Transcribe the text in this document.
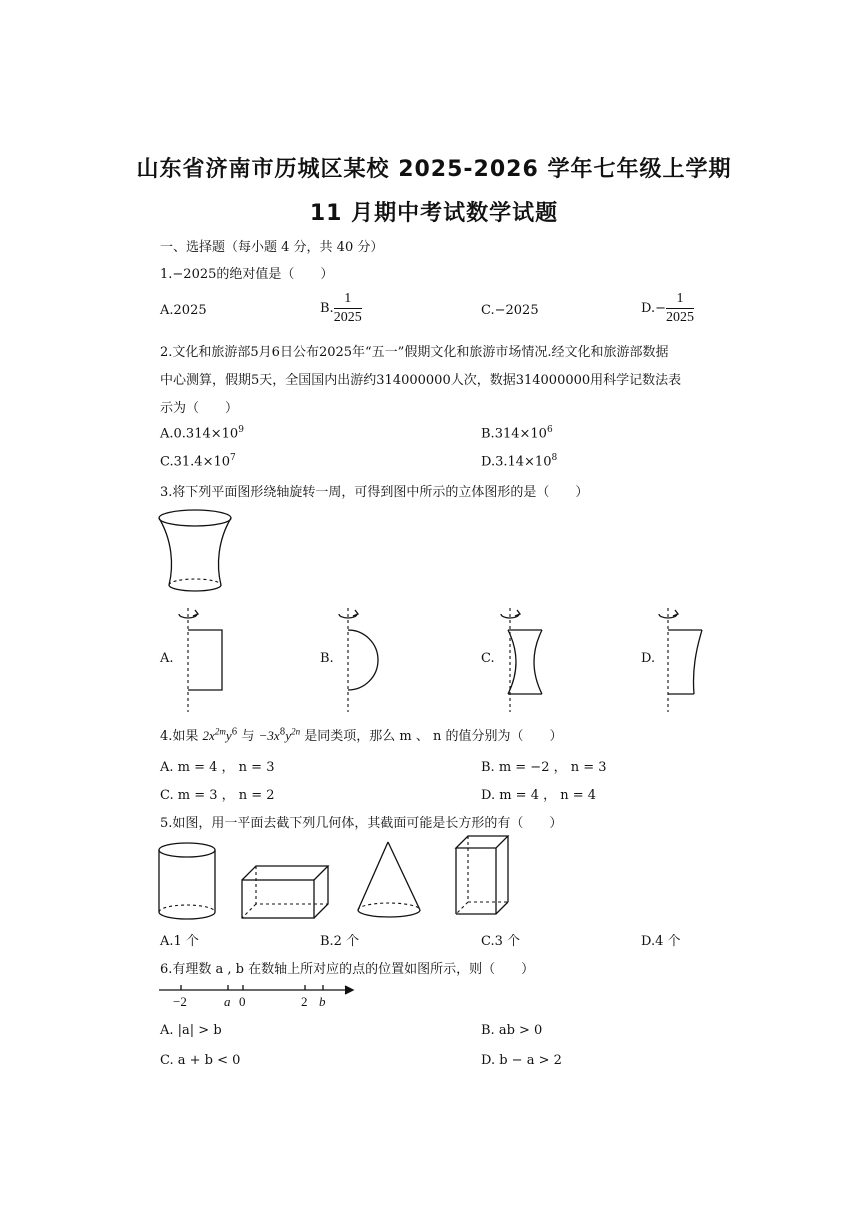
山东省济南市历城区某校 2025-2026 学年七年级上学期
11 月期中考试数学试题
一、选择题（每小题 4 分，共 40 分）
1.−2025的绝对值是（　　）
A.2025	B. $\frac{1}{2025}$	C.−2025	$D.- \frac{1}{2025}$
2.文化和旅游部5月6日公布2025年“五一”假期文化和旅游市场情况.经文化和旅游部数据
中心测算，假期5天，全国国内出游约314000000人次，数据314000000用科学记数法表
示为（　　）
$A.0.314\times 10^9$	$B.314\times 10^6$
$C.31.4\times 10^7$	$D.3.14\times 10^8$
3.将下列平面图形绕轴旋转一周，可得到图中所示的立体图形的是（　　）
A.	B.	C.	D.
4.如果 $2x^{2m}y^6$ 与 $-3x^8y^{2n}$ 是同类项，那么 m 、 n 的值分别为（　　）
A. m = 4 ， n = 3	B. m = −2 ， n = 3
C. m = 3 ， n = 2	D. m = 4 ， n = 4
5.如图，用一平面去截下列几何体，其截面可能是长方形的有（　　）
A.1 个	B.2 个	C.3 个	D.4 个
6.有理数 a , b 在数轴上所对应的点的位置如图所示，则（　　）
−2	a 0	2 b
A. |a| > b	B. ab > 0
C. a + b < 0	D. b − a > 2
